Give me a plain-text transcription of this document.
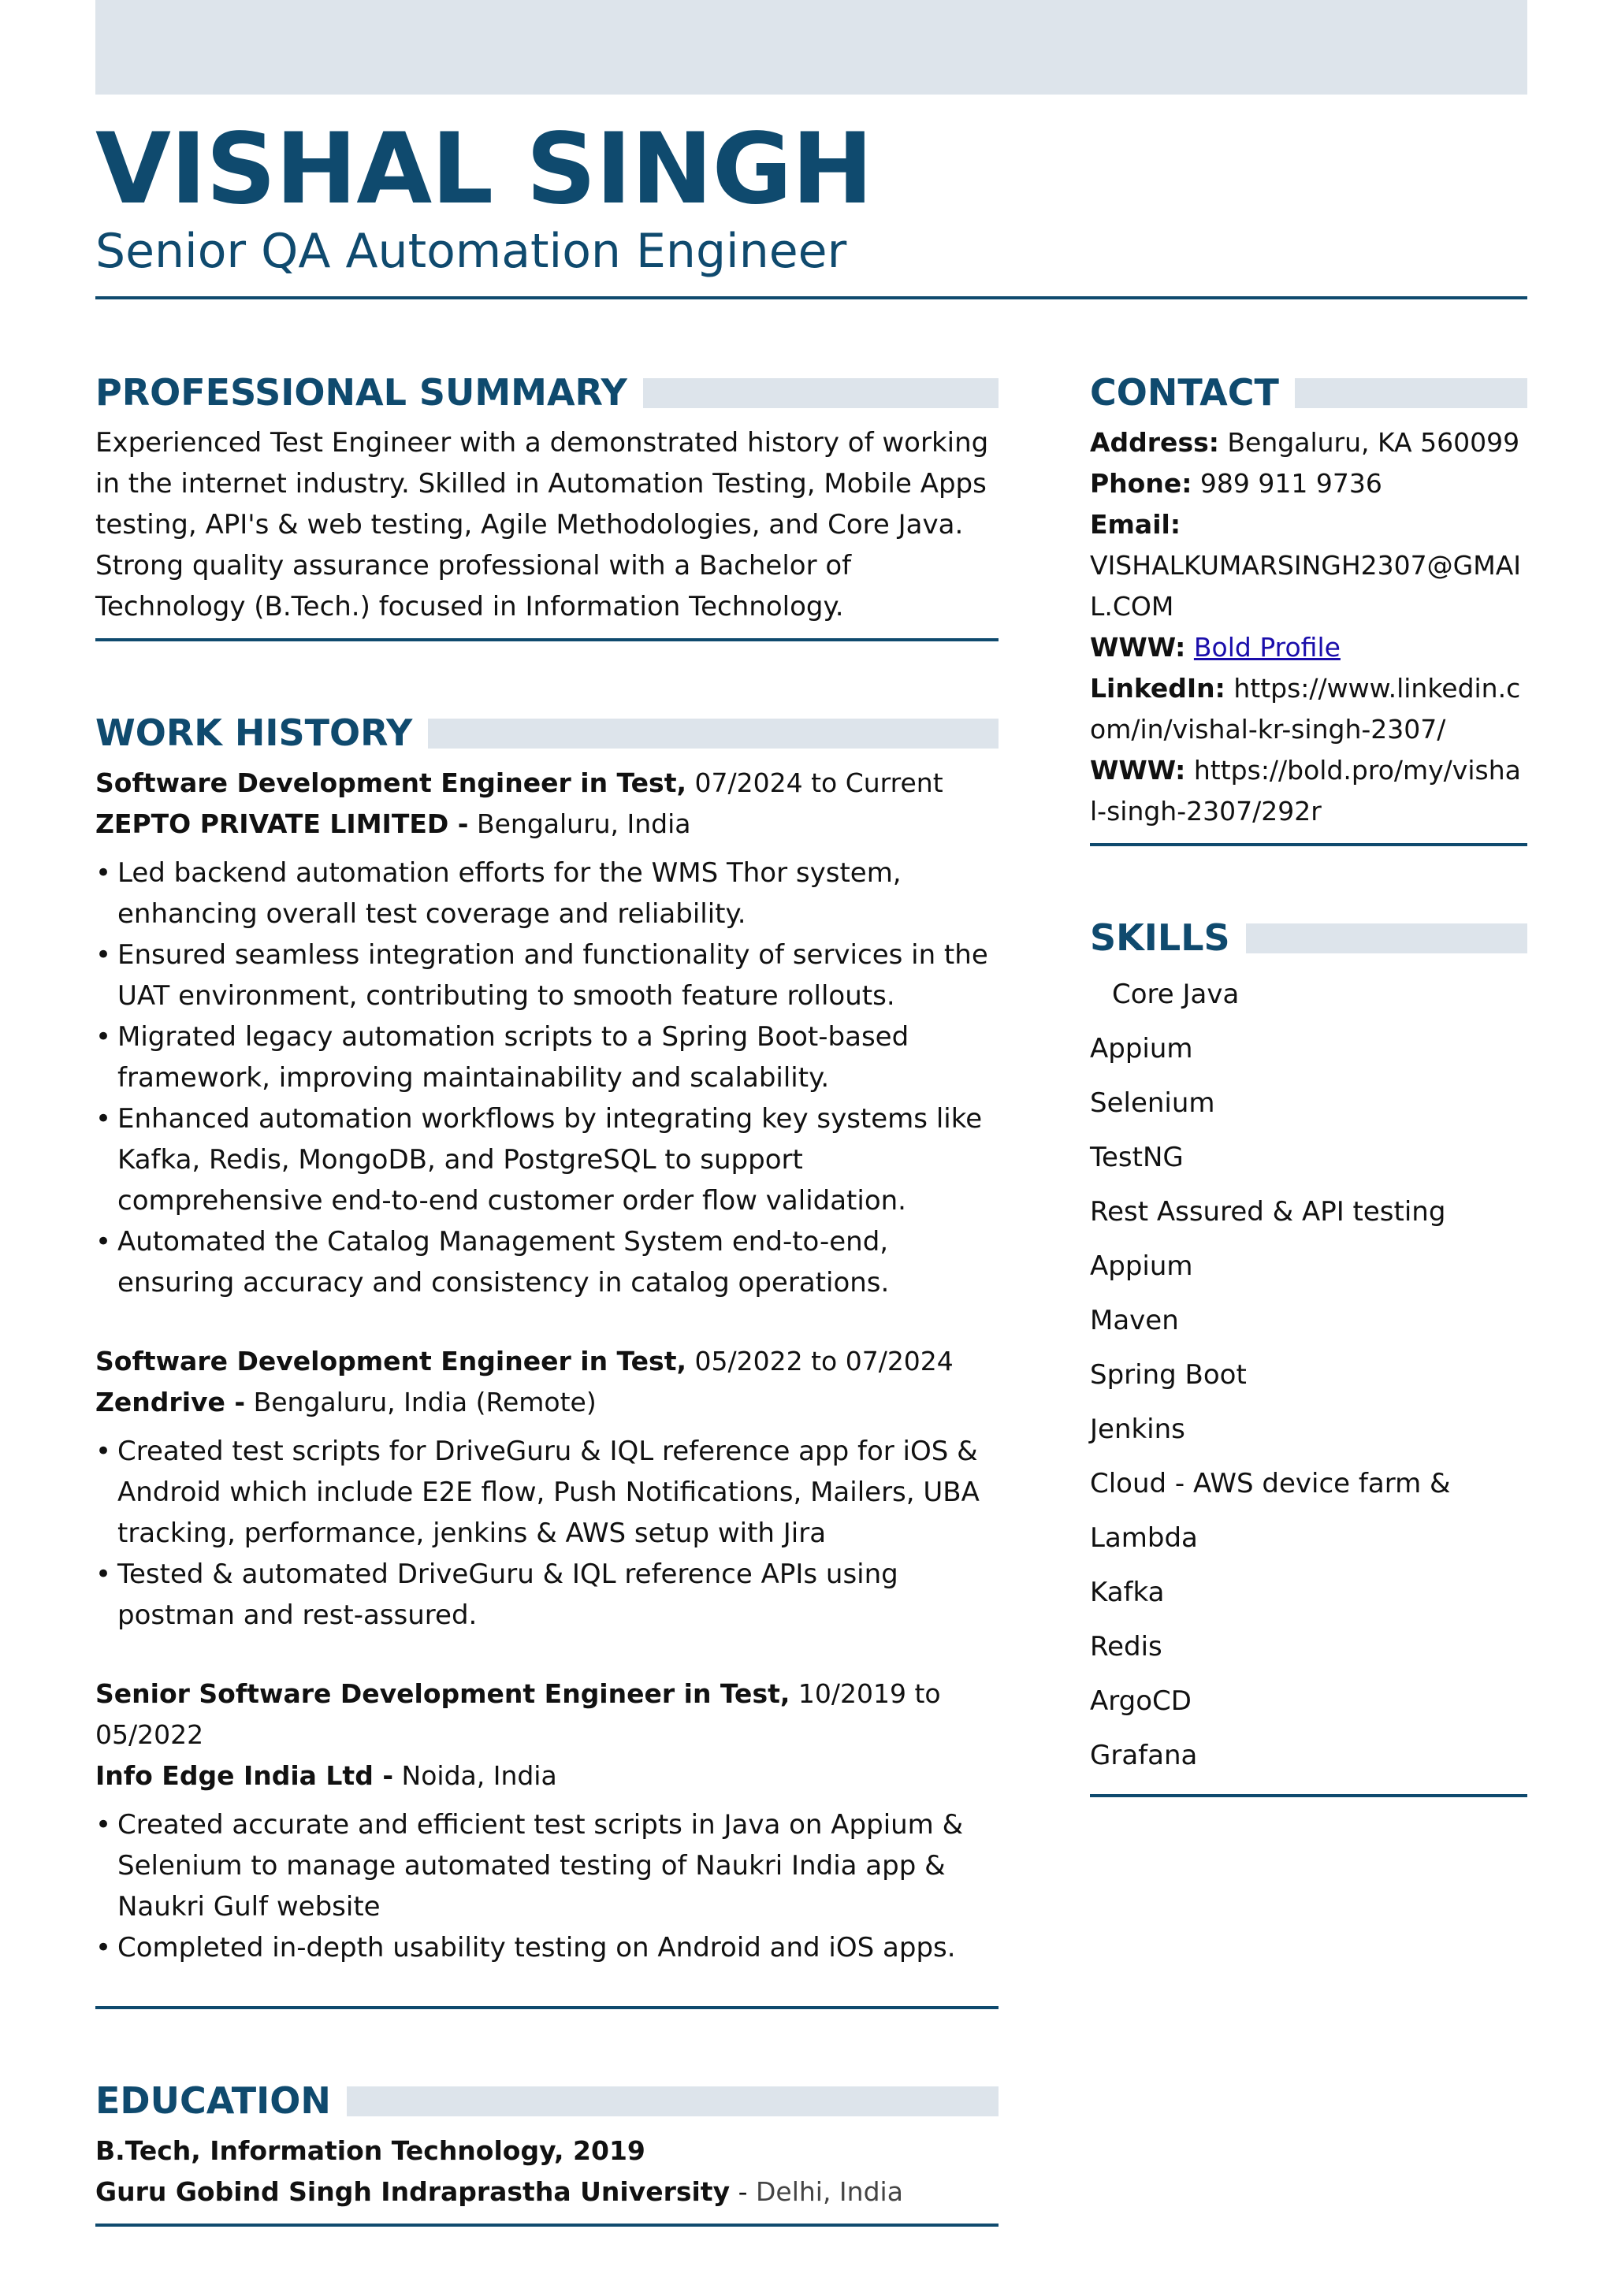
VISHAL SINGH
Senior QA Automation Engineer
PROFESSIONAL SUMMARY

Experienced Test Engineer with a demonstrated history of working in the internet industry. Skilled in Automation Testing, Mobile Apps testing, API's & web testing, Agile Methodologies, and Core Java. Strong quality assurance professional with a Bachelor of Technology (B.Tech.) focused in Information Technology.

WORK HISTORY
Software Development Engineer in Test, 07/2024 to Current
ZEPTO PRIVATE LIMITED - Bengaluru, India
• Led backend automation efforts for the WMS Thor system, enhancing overall test coverage and reliability.
• Ensured seamless integration and functionality of services in the UAT environment, contributing to smooth feature rollouts.
• Migrated legacy automation scripts to a Spring Boot-based framework, improving maintainability and scalability.
• Enhanced automation workflows by integrating key systems like Kafka, Redis, MongoDB, and PostgreSQL to support comprehensive end-to-end customer order flow validation.
• Automated the Catalog Management System end-to-end, ensuring accuracy and consistency in catalog operations.
Software Development Engineer in Test, 05/2022 to 07/2024
Zendrive - Bengaluru, India (Remote)
• Created test scripts for DriveGuru & IQL reference app for iOS & Android which include E2E flow, Push Notifications, Mailers, UBA tracking, performance, jenkins & AWS setup with Jira
• Tested & automated DriveGuru & IQL reference APIs using postman and rest-assured.
Senior Software Development Engineer in Test, 10/2019 to 05/2022
Info Edge India Ltd - Noida, India
• Created accurate and efficient test scripts in Java on Appium & Selenium to manage automated testing of Naukri India app & Naukri Gulf website
• Completed in-depth usability testing on Android and iOS apps.
EDUCATION
B.Tech, Information Technology, 2019
Guru Gobind Singh Indraprastha University - Delhi, India
CONTACT
Address: Bengaluru, KA 560099
Phone: 989 911 9736
Email:
VISHALKUMARSINGH2307@GMAIL.COM
WWW: Bold Profile
LinkedIn: https://www.linkedin.com/in/vishal-kr-singh-2307/
WWW: https://bold.pro/my/vishal-singh-2307/292r
SKILLS
Core Java
Appium
Selenium
TestNG
Rest Assured & API testing
Appium
Maven
Spring Boot
Jenkins
Cloud - AWS device farm & Lambda
Kafka
Redis
ArgoCD
Grafana
